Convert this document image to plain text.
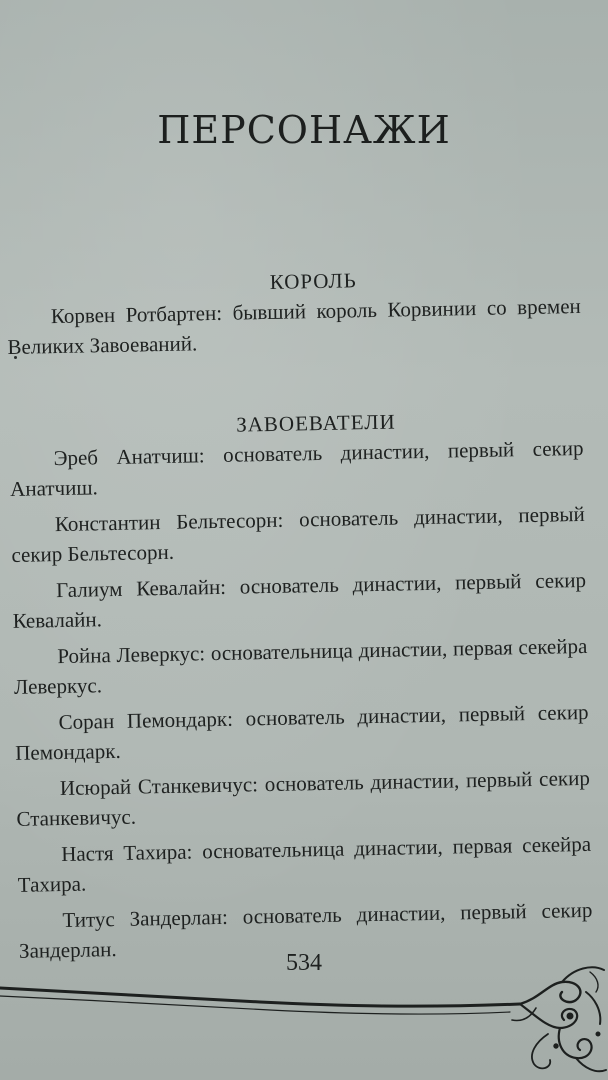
ПЕРСОНАЖИ

КОРОЛЬ

Корвен Ротбартен: бывший король Корвинии со времен Великих Завоеваний.

ЗАВОЕВАТЕЛИ

Эреб Анатчиш: основатель династии, первый секир Анатчиш.

Константин Бельтесорн: основатель династии, первый секир Бельтесорн.

Галиум Кевалайн: основатель династии, первый секир Кевалайн.

Ройна Леверкус: основательница династии, первая секейра Леверкус.

Соран Пемондарк: основатель династии, первый секир Пемондарк.

Исюрай Станкевичус: основатель династии, первый секир Станкевичус.

Настя Тахира: основательница династии, первая секейра Тахира.

Титус Зандерлан: основатель династии, первый секир Зандерлан.

534
